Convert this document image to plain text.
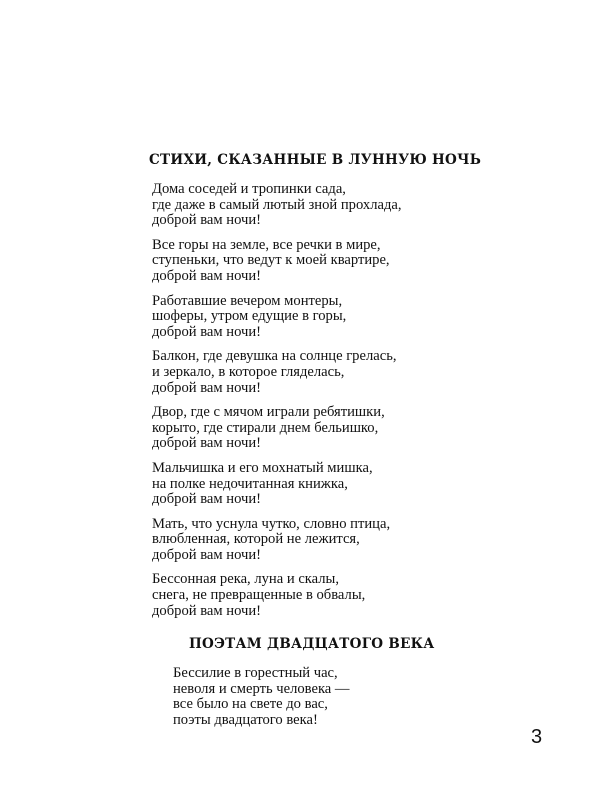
СТИХИ, СКАЗАННЫЕ В ЛУННУЮ НОЧЬ
Дома соседей и тропинки сада,
где даже в самый лютый зной прохлада,
доброй вам ночи!
Все горы на земле, все речки в мире,
ступеньки, что ведут к моей квартире,
доброй вам ночи!
Работавшие вечером монтеры,
шоферы, утром едущие в горы,
доброй вам ночи!
Балкон, где девушка на солнце грелась,
и зеркало, в которое гляделась,
доброй вам ночи!
Двор, где с мячом играли ребятишки,
корыто, где стирали днем бельишко,
доброй вам ночи!
Мальчишка и его мохнатый мишка,
на полке недочитанная книжка,
доброй вам ночи!
Мать, что уснула чутко, словно птица,
влюбленная, которой не лежится,
доброй вам ночи!
Бессонная река, луна и скалы,
снега, не превращенные в обвалы,
доброй вам ночи!
ПОЭТАМ ДВАДЦАТОГО ВЕКА
Бессилие в горестный час,
неволя и смерть человека —
все было на свете до вас,
поэты двадцатого века!
3
